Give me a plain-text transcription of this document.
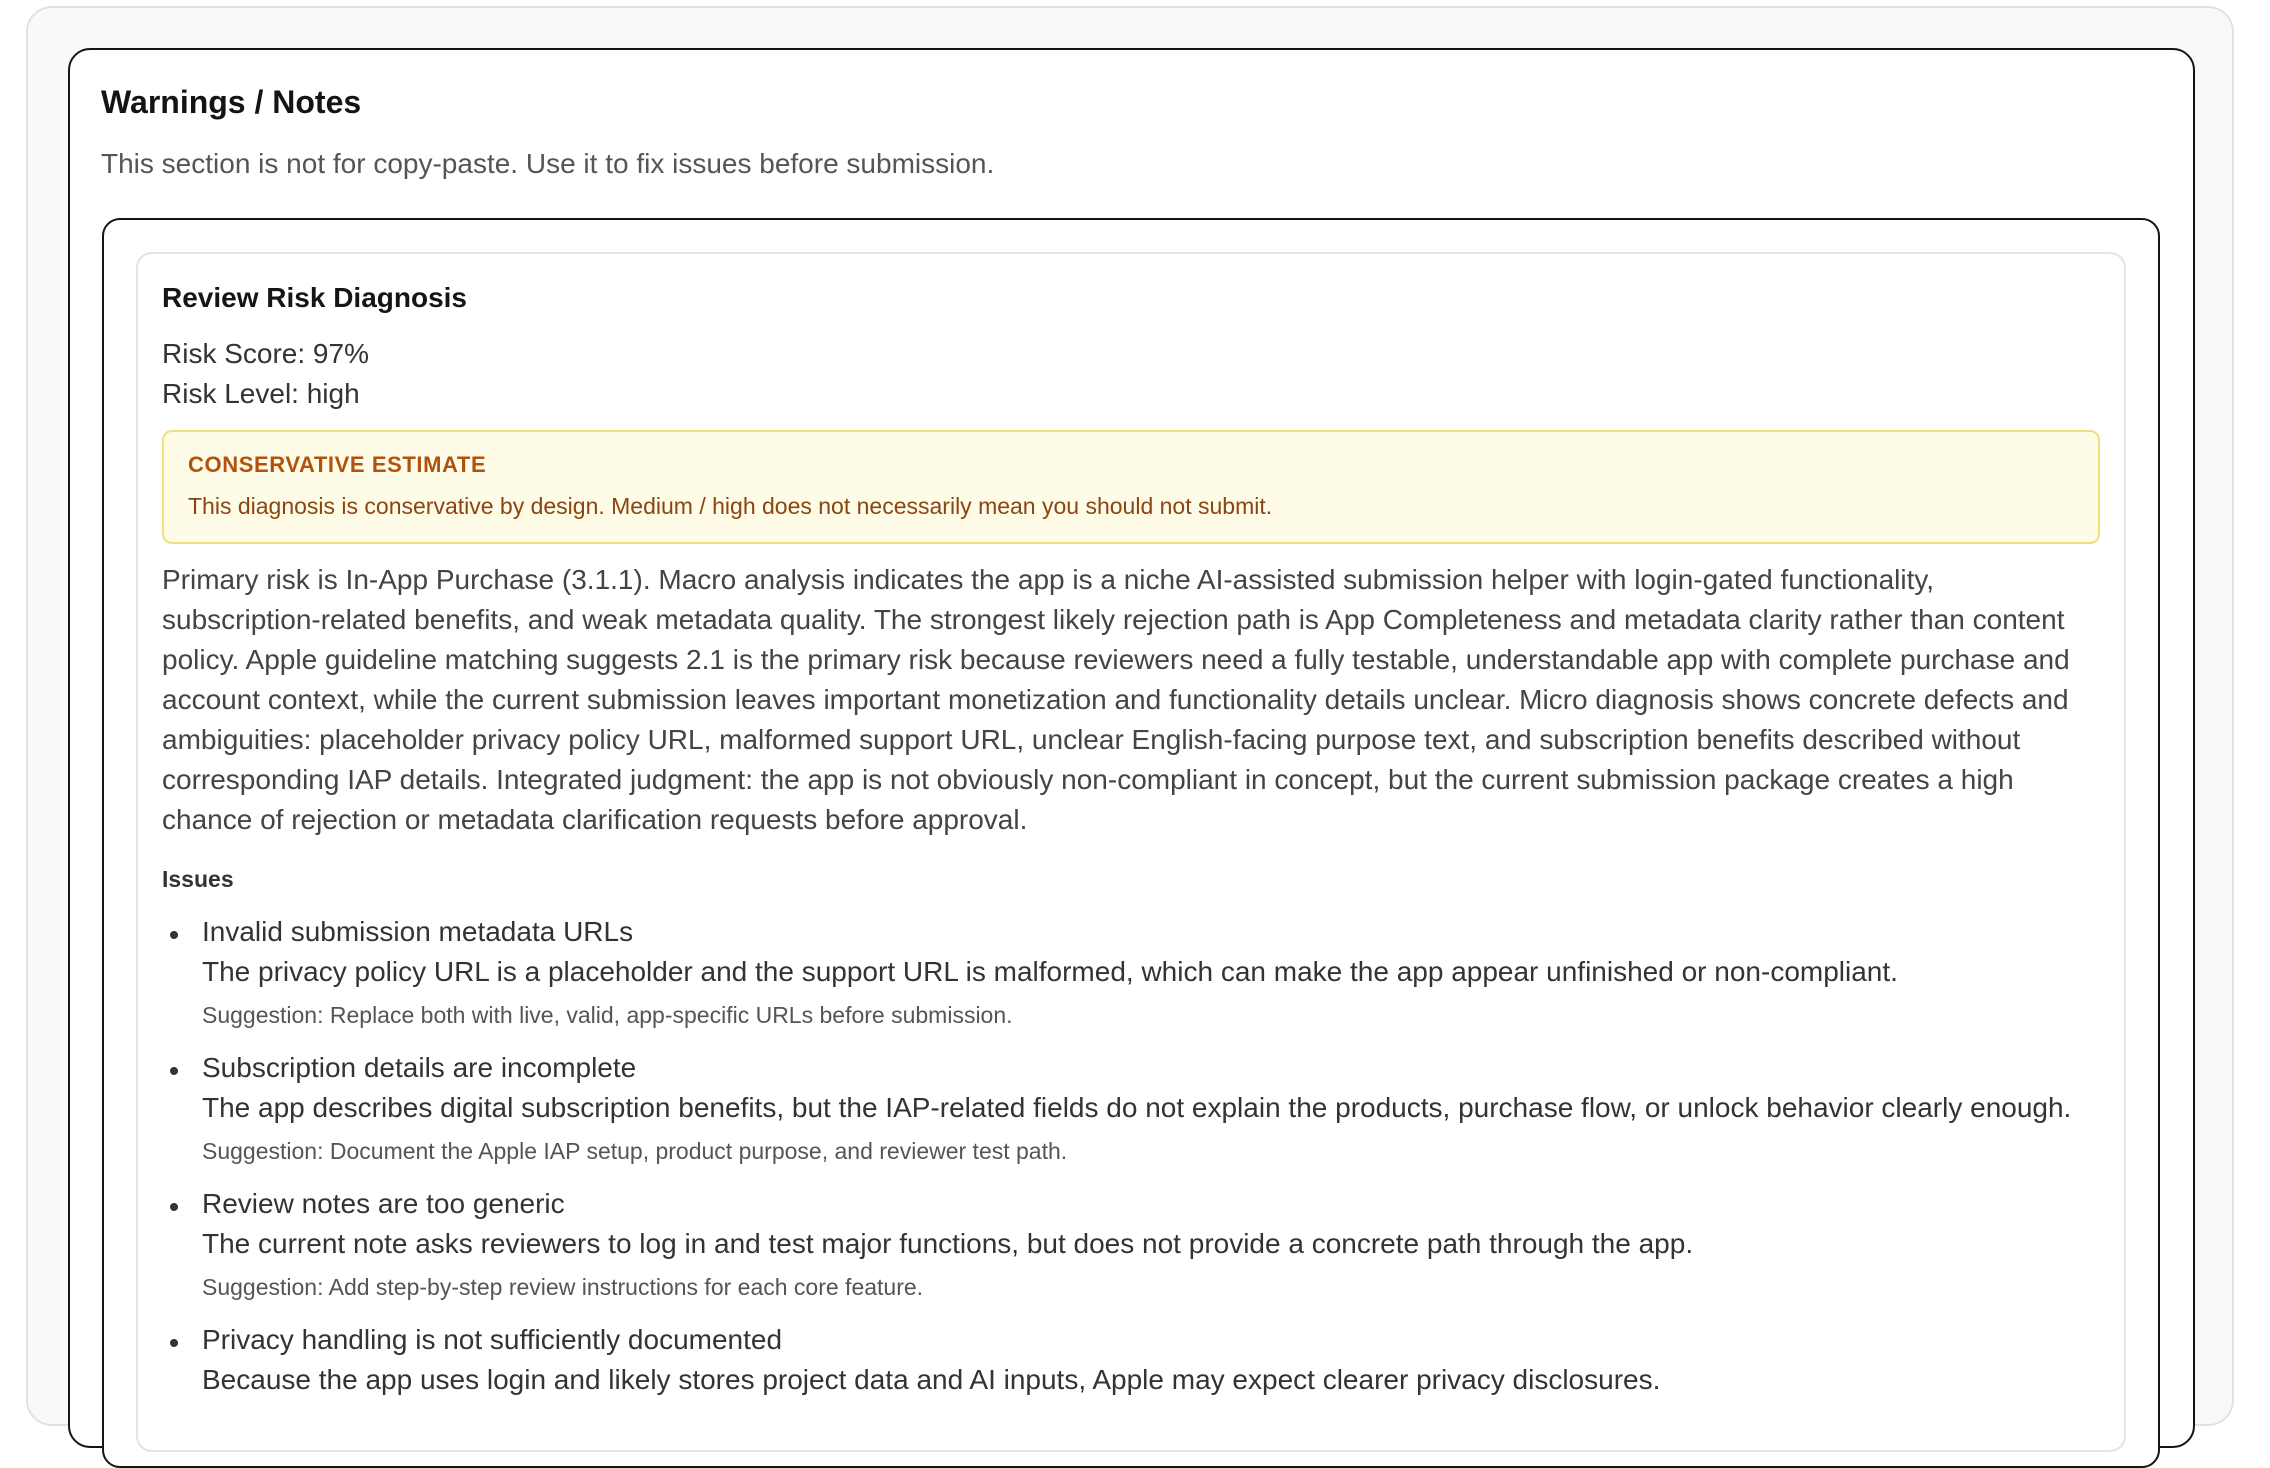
Warnings / Notes

This section is not for copy-paste. Use it to fix issues before submission.

Review Risk Diagnosis

Risk Score: 97%

Risk Level: high

CONSERVATIVE ESTIMATE

This diagnosis is conservative by design. Medium / high does not necessarily mean you should not submit.

Primary risk is In-App Purchase (3.1.1). Macro analysis indicates the app is a niche AI-assisted submission helper with login-gated functionality, subscription-related benefits, and weak metadata quality. The strongest likely rejection path is App Completeness and metadata clarity rather than content policy. Apple guideline matching suggests 2.1 is the primary risk because reviewers need a fully testable, understandable app with complete purchase and account context, while the current submission leaves important monetization and functionality details unclear. Micro diagnosis shows concrete defects and ambiguities: placeholder privacy policy URL, malformed support URL, unclear English-facing purpose text, and subscription benefits described without corresponding IAP details. Integrated judgment: the app is not obviously non-compliant in concept, but the current submission package creates a high chance of rejection or metadata clarification requests before approval.

Issues

Invalid submission metadata URLs

The privacy policy URL is a placeholder and the support URL is malformed, which can make the app appear unfinished or non-compliant.

Suggestion: Replace both with live, valid, app-specific URLs before submission.

Subscription details are incomplete

The app describes digital subscription benefits, but the IAP-related fields do not explain the products, purchase flow, or unlock behavior clearly enough.

Suggestion: Document the Apple IAP setup, product purpose, and reviewer test path.

Review notes are too generic

The current note asks reviewers to log in and test major functions, but does not provide a concrete path through the app.

Suggestion: Add step-by-step review instructions for each core feature.

Privacy handling is not sufficiently documented

Because the app uses login and likely stores project data and AI inputs, Apple may expect clearer privacy disclosures.
